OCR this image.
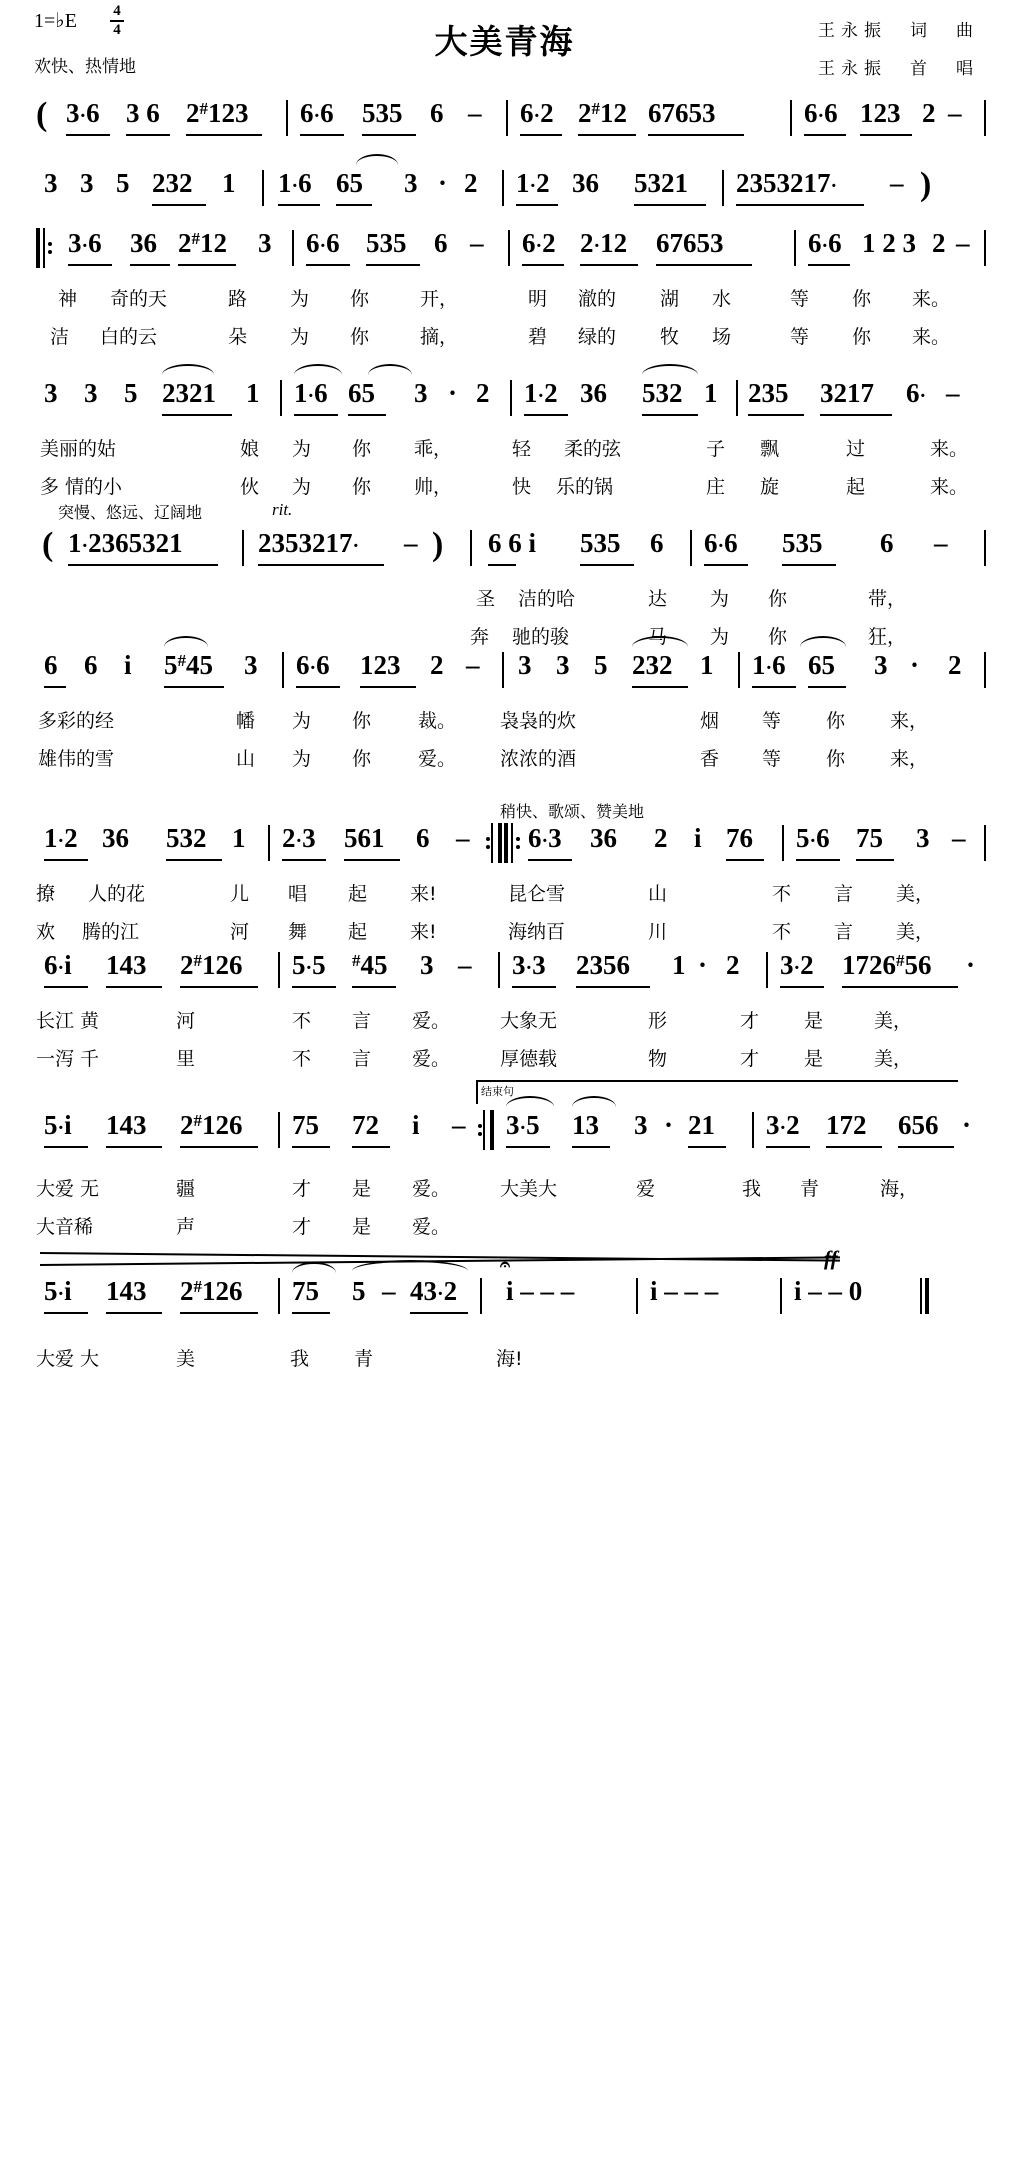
1=♭E 4
4
欢快、热情地
大美青海	王永振　词　曲
王永振　首　唱

(

3·6

3 6

2#123

6·6

535

6

–

6·2

2#12

67653

	6·6

123

2

–

3

3

5

232

1

1·6

65

3

·

2

1·2

36

5321

2353217·

–

)

3·6

36

2#12

3

6·6

535

6

–

6·2

2·12

67653

	6·6

1 2 3

2

–

神

奇的天

	路

为

你

	开，

	明

澈的

湖

水

	等

你

来。

洁

白的云

	朵

为

你

	摘，

	碧

绿的

牧

场

	等

你

来。

3

3

5

2321

1

1·6

65

3

·

2

1·2

36

532

1

235

3217

6·

–

美丽的姑

	娘

为

你

乖，

	轻

柔的弦

	子

飘

	过

	来。

多 情的小

	伙

为

你

帅，

	快

乐的锅

	庄

旋

	起

	来。

突慢、悠远、辽阔地	rit.

(

1·2365321

	2353217·

–

)

6 6 i

535

6

6·6

535

6

–

圣

洁的哈

	达

为

你

	带，

奔

驰的骏

	马

为

你

	狂，

6

6

i

5#45

3

6·6

123

2

–

3

3

5

232

1

1·6

65

3

·

2

多彩的经

	幡

为

你

裁。

袅袅的炊

	烟

等

你

来，

雄伟的雪

	山

为

你

爱。

浓浓的酒

	香

等

你

来，

稍快、歌颂、赞美地

1·2

36

532

1

2·3

561

6

–

6·3

36

2

i

76

5·6

75

3

–

撩

人的花

	儿

唱

起

来!

	昆仑雪

	山

	不

言

美，

欢

腾的江

	河

舞

起

来!

	海纳百

	川

	不

言

美，

6·i

143

2#126

5·5

#45

3

–

3·3

2356

1

·

2

3·2

1726#56

·

长江 黄

	河

	不

言

爱。

	大象无

	形

	才

是

	美，

一泻 千

	里

	不

言

爱。

	厚德载

	物

	才

是

	美，

结束句

5·i

143

2#126

75

72

i

–

3·5

13

3

·

21

3·2

172

656

·

大爱 无

	疆

	才

是

爱。

	大美大

	爱

	我

青

	海，

大音稀

	声

	才

是

爱。

ff

5·i

143

2#126

75

5

–

43·2

𝄐

i – – –

	i – – –

	i – – 0

大爱 大

	美

	我

青

	海!
